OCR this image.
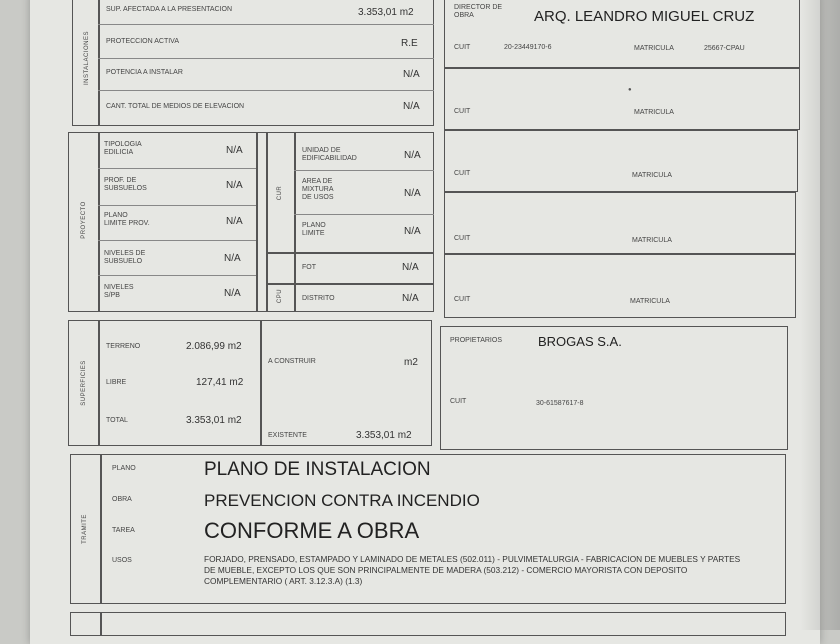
INSTALACIONES
SUP. AFECTADA A LA PRESENTACION	3.353,01 m2
PROTECCION ACTIVA	R.E
POTENCIA A INSTALAR	N/A
CANT. TOTAL DE MEDIOS DE ELEVACION	N/A
DIRECTOR DE OBRA	ARQ. LEANDRO MIGUEL CRUZ
CUIT	20-23449170-6	MATRICULA	25667-CPAU
CUIT	MATRICULA
●
CUIT	MATRICULA
CUIT	MATRICULA
CUIT	MATRICULA
PROYECTO
TIPOLOGIA
EDILICIA	N/A
PROF. DE
SUBSUELOS	N/A
PLANO
LIMITE PROV.	N/A
NIVELES DE
SUBSUELO	N/A
NIVELES
S/PB	N/A
CUR
UNIDAD DE
EDIFICABILIDAD	N/A
AREA DE
MIXTURA
DE USOS	N/A
PLANO
LIMITE	N/A
FOT	N/A
CPU	DISTRITO	N/A
SUPERFICIES
TERRENO	2.086,99 m2
LIBRE	127,41 m2
TOTAL	3.353,01 m2
A CONSTRUIR	m2
EXISTENTE	3.353,01 m2
PROPIETARIOS	BROGAS S.A.
CUIT	30-61587617-8
TRAMITE
PLANO	PLANO DE INSTALACION
OBRA	PREVENCION CONTRA INCENDIO
TAREA	CONFORME A OBRA
USOS	FORJADO, PRENSADO, ESTAMPADO Y LAMINADO DE METALES (502.011) - PULVIMETALURGIA - FABRICACION DE MUEBLES Y PARTES DE MUEBLE, EXCEPTO LOS QUE SON PRINCIPALMENTE DE MADERA (503.212) - COMERCIO MAYORISTA CON DEPOSITO COMPLEMENTARIO ( ART. 3.12.3.A) (1.3)
